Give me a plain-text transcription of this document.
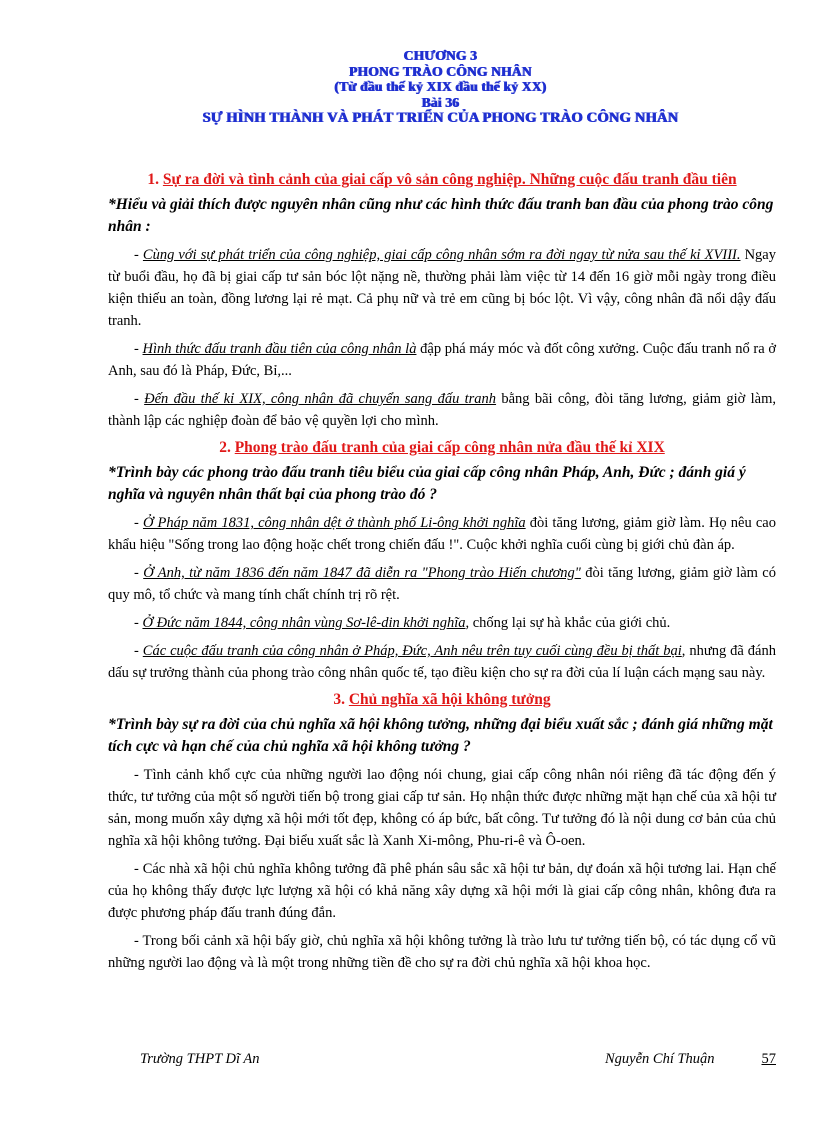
CHƯƠNG 3
PHONG TRÀO CÔNG NHÂN
(Từ đầu thế kỷ XIX đầu thế kỷ XX)
Bài 36
SỰ HÌNH THÀNH VÀ PHÁT TRIỂN CỦA PHONG TRÀO CÔNG NHÂN
1. Sự ra đời và tình cảnh của giai cấp vô sản công nghiệp. Những cuộc đấu tranh đầu tiên
*Hiểu và giải thích được nguyên nhân cũng như các hình thức đấu tranh ban đầu của phong trào công nhân :
- Cùng với sự phát triển của công nghiệp, giai cấp công nhân sớm ra đời ngay từ nửa sau thế kỉ XVIII. Ngay từ buổi đầu, họ đã bị giai cấp tư sản bóc lột nặng nề, thường phải làm việc từ 14 đến 16 giờ mỗi ngày trong điều kiện thiếu an toàn, đồng lương lại rẻ mạt. Cả phụ nữ và trẻ em cũng bị bóc lột. Vì vậy, công nhân đã nổi dậy đấu tranh.
- Hình thức đấu tranh đầu tiên của công nhân là đập phá máy móc và đốt công xưởng. Cuộc đấu tranh nổ ra ở Anh, sau đó là Pháp, Đức, Bỉ,...
- Đến đầu thế kỉ XIX, công nhân đã chuyển sang đấu tranh bằng bãi công, đòi tăng lương, giảm giờ làm, thành lập các nghiệp đoàn để bảo vệ quyền lợi cho mình.
2. Phong trào đấu tranh của giai cấp công nhân nửa đầu thế kỉ XIX
*Trình bày các phong trào đấu tranh tiêu biểu của giai cấp công nhân Pháp, Anh, Đức ; đánh giá ý nghĩa và nguyên nhân thất bại của phong trào đó ?
- Ở Pháp năm 1831, công nhân dệt ở thành phố Li-ông khởi nghĩa đòi tăng lương, giảm giờ làm. Họ nêu cao khẩu hiệu "Sống trong lao động hoặc chết trong chiến đấu !". Cuộc khởi nghĩa cuối cùng bị giới chủ đàn áp.
- Ở Anh, từ năm 1836 đến năm 1847 đã diễn ra "Phong trào Hiến chương" đòi tăng lương, giảm giờ làm có quy mô, tổ chức và mang tính chất chính trị rõ rệt.
- Ở Đức năm 1844, công nhân vùng Sơ-lê-din khởi nghĩa, chống lại sự hà khắc của giới chủ.
- Các cuộc đấu tranh của công nhân ở Pháp, Đức, Anh nêu trên tuy cuối cùng đều bị thất bại, nhưng đã đánh dấu sự trưởng thành của phong trào công nhân quốc tế, tạo điều kiện cho sự ra đời của lí luận cách mạng sau này.
3. Chủ nghĩa xã hội không tưởng
*Trình bày sự ra đời của chủ nghĩa xã hội không tưởng, những đại biểu xuất sắc ; đánh giá những mặt tích cực và hạn chế của chủ nghĩa xã hội không tưởng ?
- Tình cảnh khổ cực của những người lao động nói chung, giai cấp công nhân nói riêng đã tác động đến ý thức, tư tưởng của một số người tiến bộ trong giai cấp tư sản. Họ nhận thức được những mặt hạn chế của xã hội tư sản, mong muốn xây dựng xã hội mới tốt đẹp, không có áp bức, bất công. Tư tưởng đó là nội dung cơ bản của chủ nghĩa xã hội không tưởng. Đại biểu xuất sắc là Xanh Xi-mông, Phu-ri-ê và Ô-oen.
- Các nhà xã hội chủ nghĩa không tưởng đã phê phán sâu sắc xã hội tư bản, dự đoán xã hội tương lai. Hạn chế của họ không thấy được lực lượng xã hội có khả năng xây dựng xã hội mới là giai cấp công nhân, không đưa ra được phương pháp đấu tranh đúng đắn.
- Trong bối cảnh xã hội bấy giờ, chủ nghĩa xã hội không tưởng là trào lưu tư tưởng tiến bộ, có tác dụng cổ vũ những người lao động và là một trong những tiền đề cho sự ra đời chủ nghĩa xã hội khoa học.
Trường THPT Dĩ An	Nguyễn Chí Thuận	57
